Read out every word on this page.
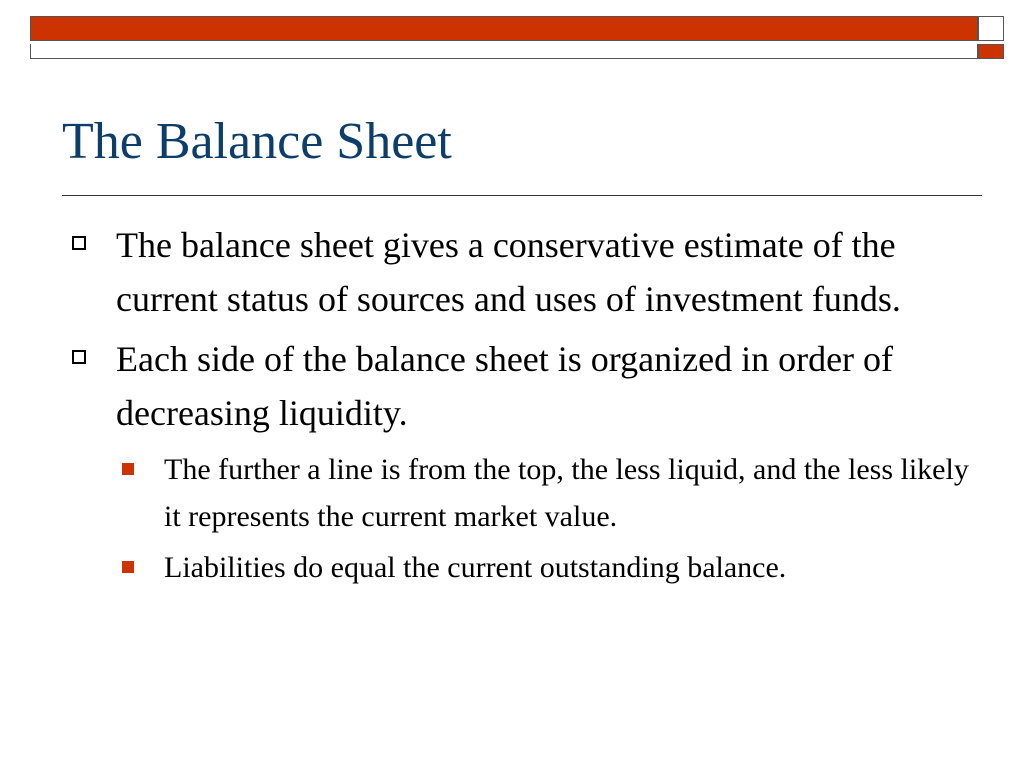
The Balance Sheet
The balance sheet gives a conservative estimate of the current status of sources and uses of investment funds.
Each side of the balance sheet is organized in order of decreasing liquidity.
The further a line is from the top, the less liquid, and the less likely it represents the current market value.
Liabilities do equal the current outstanding balance.
